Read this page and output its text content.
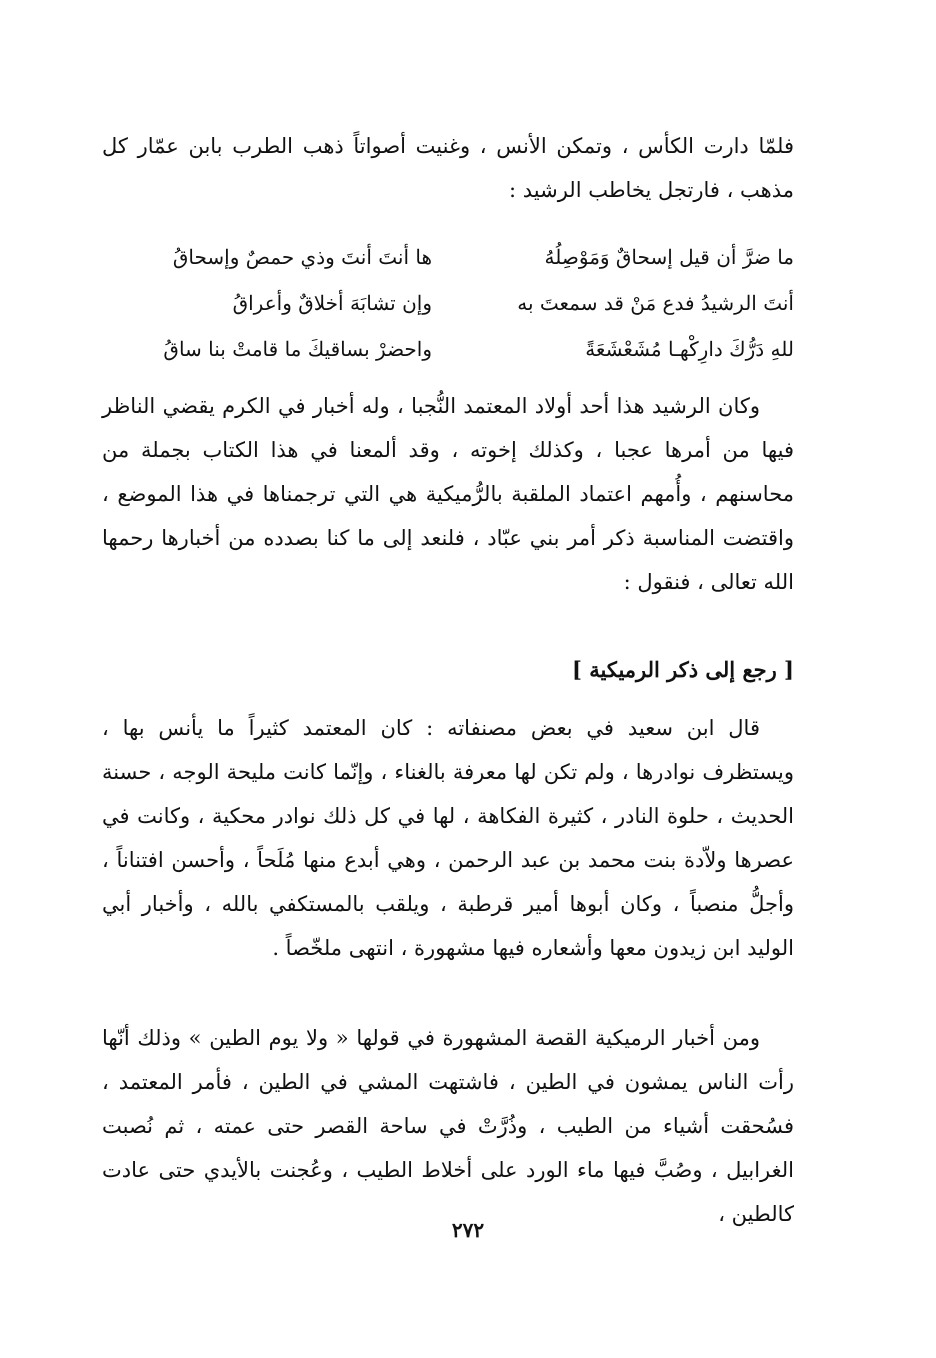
فلمّا دارت الكأس ، وتمكن الأنس ، وغنيت أصواتاً ذهب الطرب بابن عمّار كل مذهب ، فارتجل يخاطب الرشيد :

ما ضرَّ أن قيل إسحاقٌ وَمَوْصِلُهُ
ها أنتَ أنتَ وذي حمصٌ وإسحاقُ
أنتَ الرشيدُ فدع مَنْ قد سمعتَ به
وإن تشابَهَ أخلاقٌ وأعراقُ
للهِ دَرُّكَ دارِكْهـا مُشَعْشَعَةً
واحضرْ بساقيكَ ما قامتْ بنا ساقُ

وكان الرشيد هذا أحد أولاد المعتمد النُّجبا ، وله أخبار في الكرم يقضي الناظر فيها من أمرها عجبا ، وكذلك إخوته ، وقد ألمعنا في هذا الكتاب بجملة من محاسنهم ، وأُمهم اعتماد الملقبة بالرُّميكية هي التي ترجمناها في هذا الموضع ، واقتضت المناسبة ذكر أمر بني عبّاد ، فلنعد إلى ما كنا بصدده من أخبارها رحمها الله تعالى ، فنقول :

[ رجع إلى ذكر الرميكية ]

قال ابن سعيد في بعض مصنفاته : كان المعتمد كثيراً ما يأنس بها ، ويستظرف نوادرها ، ولم تكن لها معرفة بالغناء ، وإنّما كانت مليحة الوجه ، حسنة الحديث ، حلوة النادر ، كثيرة الفكاهة ، لها في كل ذلك نوادر محكية ، وكانت في عصرها ولاّدة بنت محمد بن عبد الرحمن ، وهي أبدع منها مُلَحاً ، وأحسن افتناناً ، وأجلُّ منصباً ، وكان أبوها أمير قرطبة ، ويلقب بالمستكفي بالله ، وأخبار أبي الوليد ابن زيدون معها وأشعاره فيها مشهورة ، انتهى ملخّصاً .

ومن أخبار الرميكية القصة المشهورة في قولها « ولا يوم الطين » وذلك أنّها رأت الناس يمشون في الطين ، فاشتهت المشي في الطين ، فأمر المعتمد ، فسُحقت أشياء من الطيب ، وذُرَّتْ في ساحة القصر حتى عمته ، ثم نُصبت الغرابيل ، وصُبَّ فيها ماء الورد على أخلاط الطيب ، وعُجنت بالأيدي حتى عادت كالطين ،

٢٧٢
